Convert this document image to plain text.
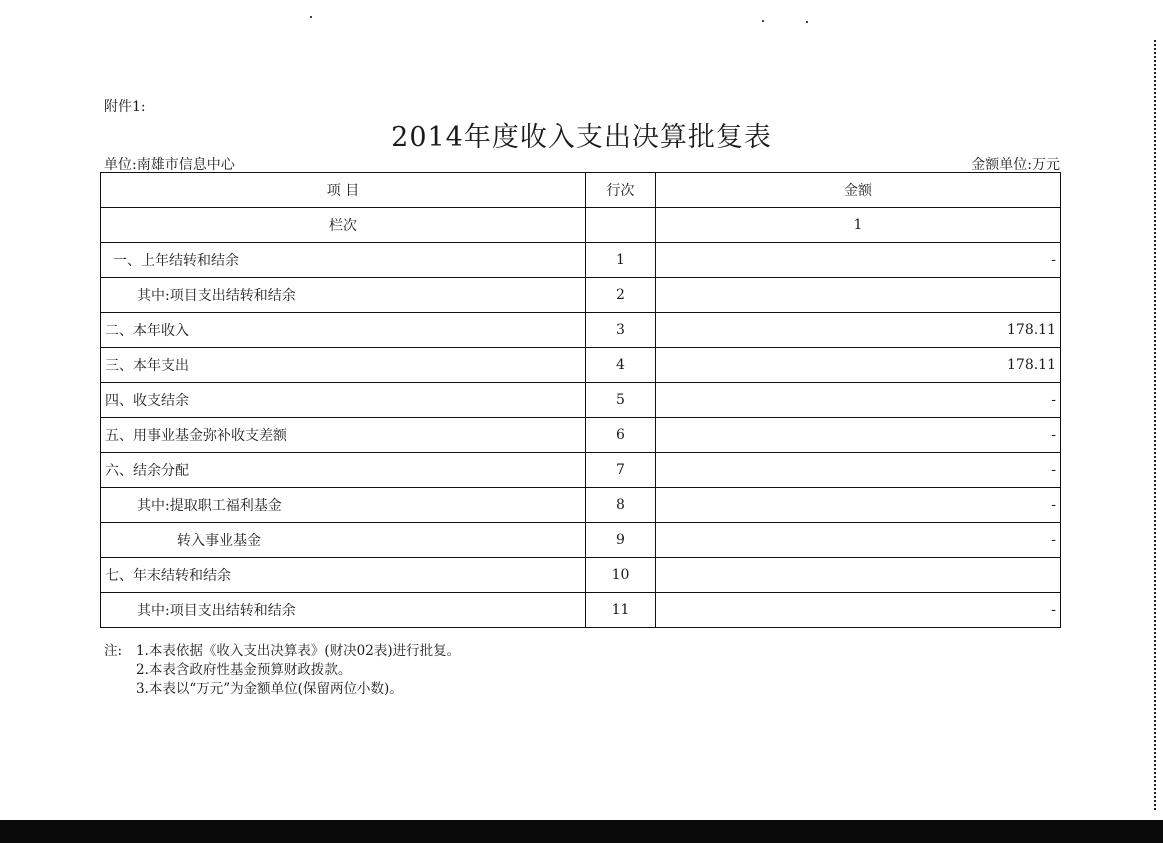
附件1:
2014年度收入支出决算批复表
单位:南雄市信息中心	金额单位:万元
项 目	行次	金额
栏次		1
一、上年结转和结余	1	-
其中:项目支出结转和结余	2	
二、本年收入	3	178.11
三、本年支出	4	178.11
四、收支结余	5	-
五、用事业基金弥补收支差额	6	-
六、结余分配	7	-
其中:提取职工福利基金	8	-
转入事业基金	9	-
七、年末结转和结余	10	
其中:项目支出结转和结余	11	-
注:	1.本表依据《收入支出决算表》(财决02表)进行批复。
2.本表含政府性基金预算财政拨款。
3.本表以“万元”为金额单位(保留两位小数)。
